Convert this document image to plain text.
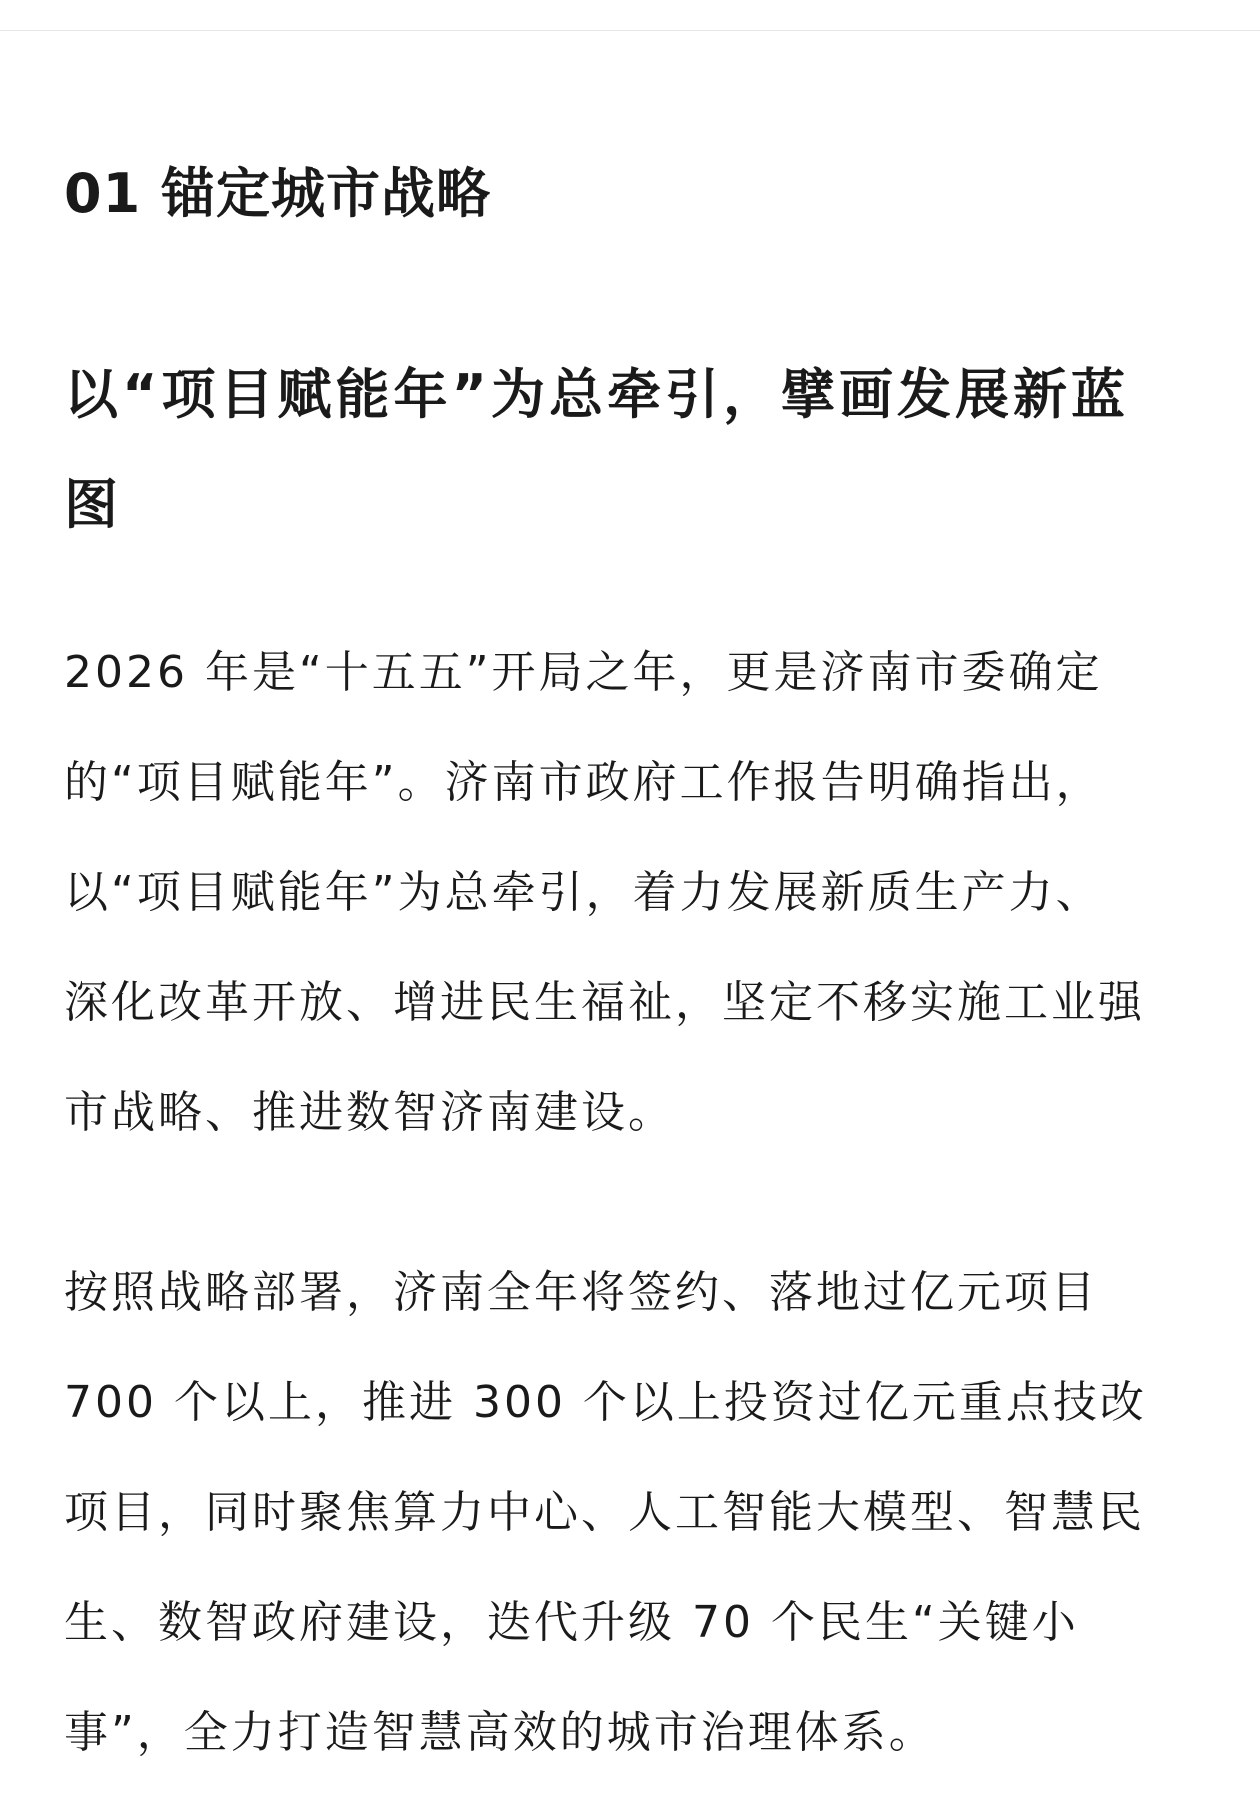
01 锚定城市战略
以“项目赋能年”为总牵引，擘画发展新蓝
图

2026 年是“十五五”开局之年，更是济南市委确定
的“项目赋能年”。济南市政府工作报告明确指出，
以“项目赋能年”为总牵引，着力发展新质生产力、
深化改革开放、增进民生福祉，坚定不移实施工业强
市战略、推进数智济南建设。

按照战略部署，济南全年将签约、落地过亿元项目
700 个以上，推进 300 个以上投资过亿元重点技改
项目，同时聚焦算力中心、人工智能大模型、智慧民
生、数智政府建设，迭代升级 70 个民生“关键小
事”，全力打造智慧高效的城市治理体系。
